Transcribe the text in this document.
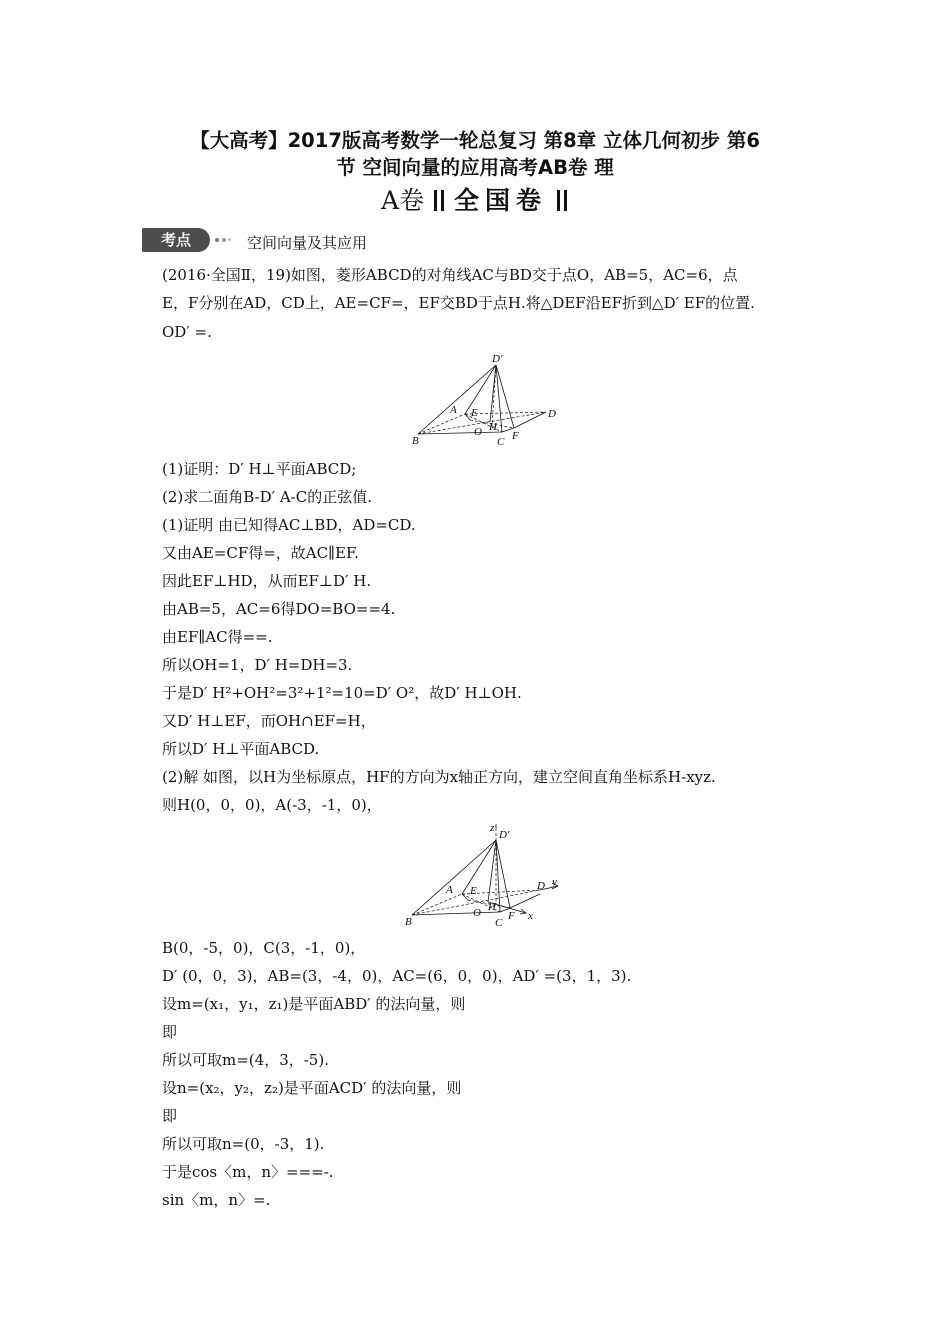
【大高考】2017版高考数学一轮总复习 第8章 立体几何初步 第6
节 空间向量的应用高考AB卷 理
A卷 全国卷
考点	空间向量及其应用
(2016·全国Ⅱ，19)如图，菱形ABCD的对角线AC与BD交于点O，AB=5，AC=6，点
E，F分别在AD，CD上，AE=CF=，EF交BD于点H.将△DEF沿EF折到△D′ EF的位置.
OD′ =.
D′
A E
H
O
D
B	C F
(1)证明：D′ H⊥平面ABCD;
(2)求二面角B-D′ A-C的正弦值.
(1)证明 由已知得AC⊥BD，AD=CD.
又由AE=CF得=，故AC∥EF.
因此EF⊥HD，从而EF⊥D′ H.
由AB=5，AC=6得DO=BO==4.
由EF∥AC得==.
所以OH=1，D′ H=DH=3.
于是D′ H²+OH²=3²+1²=10=D′ O²，故D′ H⊥OH.
又D′ H⊥EF，而OH∩EF=H，
所以D′ H⊥平面ABCD.
(2)解 如图，以H为坐标原点，HF的方向为x轴正方向，建立空间直角坐标系H-xyz.
则H(0，0，0)，A(-3，-1，0)，
z
D′
A E
H
O
D y
B	C
F x
B(0，-5，0)，C(3，-1，0)，
D′ (0，0，3)，AB=(3，-4，0)，AC=(6，0，0)，AD′ =(3，1，3).
设m=(x₁，y₁，z₁)是平面ABD′ 的法向量，则
即
所以可取m=(4，3，-5).
设n=(x₂，y₂，z₂)是平面ACD′ 的法向量，则
即
所以可取n=(0，-3，1).
于是cos〈m，n〉===-.
sin〈m，n〉=.
